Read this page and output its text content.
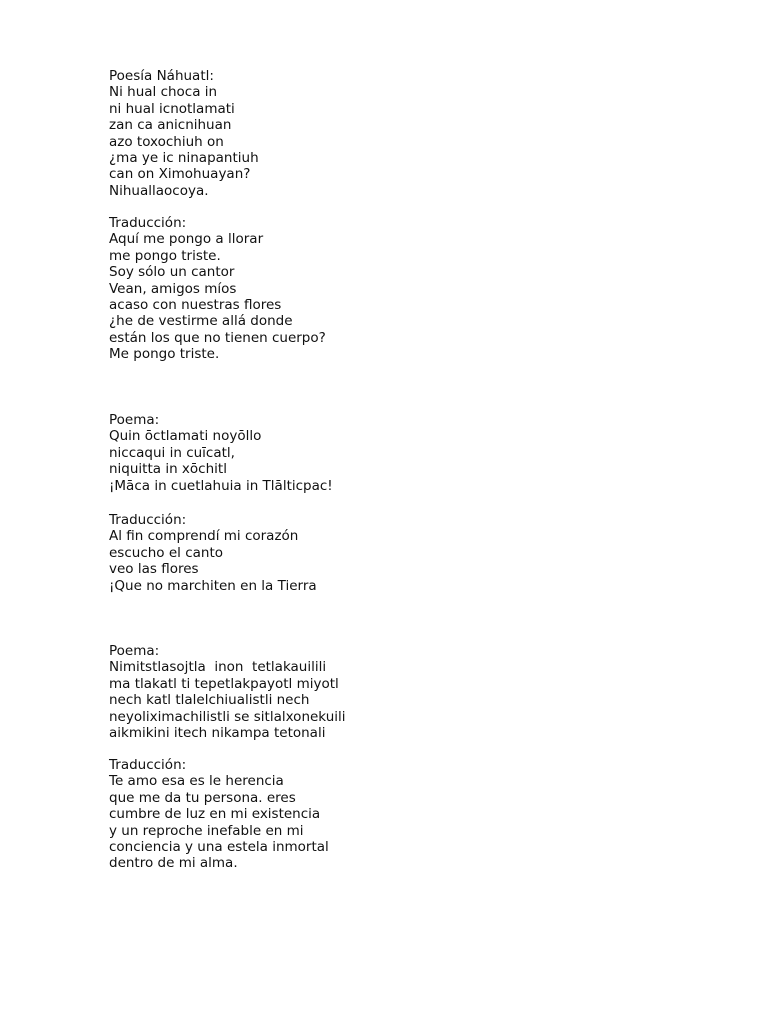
Poesía Náhuatl:
Ni hual choca in
ni hual icnotlamati
zan ca anicnihuan
azo toxochiuh on
¿ma ye ic ninapantiuh
can on Ximohuayan?
Nihuallaocoya.
Traducción:
Aquí me pongo a llorar
me pongo triste.
Soy sólo un cantor
Vean, amigos míos
acaso con nuestras flores
¿he de vestirme allá donde
están los que no tienen cuerpo?
Me pongo triste.
Poema:
Quin ōctlamati noyōllo
niccaqui in cuīcatl,
niquitta in xōchitl
¡Māca in cuetlahuia in Tlālticpac!
Traducción:
Al fin comprendí mi corazón
escucho el canto
veo las flores
¡Que no marchiten en la Tierra
Poema:
Nimitstlasojtla  inon  tetlakauilili
ma tlakatl ti tepetlakpayotl miyotl
nech katl tlalelchiualistli nech
neyoliximachilistli se sitlalxonekuili
aikmikini itech nikampa tetonali
Traducción:
Te amo esa es le herencia
que me da tu persona. eres
cumbre de luz en mi existencia
y un reproche inefable en mi
conciencia y una estela inmortal
dentro de mi alma.
